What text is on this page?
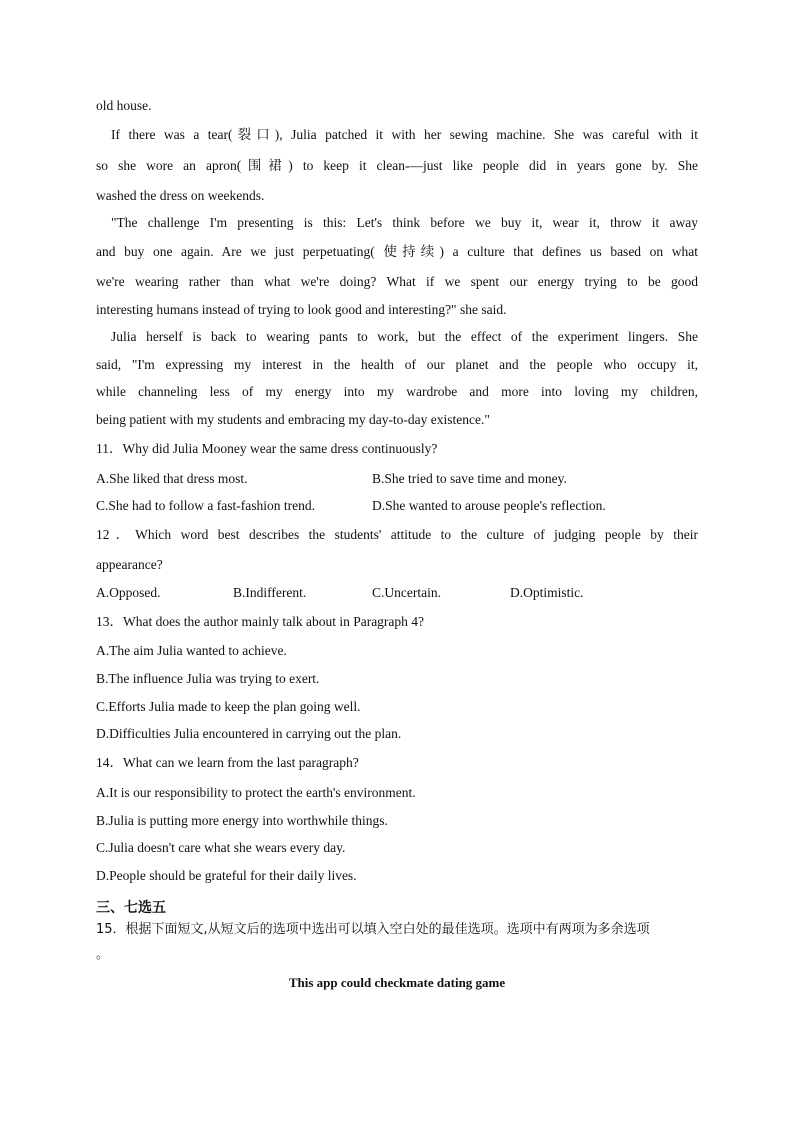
old house.
If there was a tear(裂口), Julia patched it with her sewing machine. She was careful with it
so she wore an apron(围裙) to keep it clean-—just like people did in years gone by. She
washed the dress on weekends.
"The challenge I'm presenting is this: Let's think before we buy it, wear it, throw it away
and buy one again. Are we just perpetuating( 使持续) a culture that defines us based on what
we're wearing rather than what we're doing? What if we spent our energy trying to be good
interesting humans instead of trying to look good and interesting?" she said.
Julia herself is back to wearing pants to work, but the effect of the experiment lingers. She
said, "I'm expressing my interest in the health of our planet and the people who occupy it,
while channeling less of my energy into my wardrobe and more into loving my children,
being patient with my students and embracing my day-to-day existence."
11．Why did Julia Mooney wear the same dress continuously?
A.She liked that dress most.	B.She tried to save time and money.
C.She had to follow a fast-fashion trend.	D.She wanted to arouse people's reflection.
12．Which word best describes the students' attitude to the culture of judging people by their
appearance?
A.Opposed.	B.Indifferent.	C.Uncertain.	D.Optimistic.
13．What does the author mainly talk about in Paragraph 4?
A.The aim Julia wanted to achieve.
B.The influence Julia was trying to exert.
C.Efforts Julia made to keep the plan going well.
D.Difficulties Julia encountered in carrying out the plan.
14．What can we learn from the last paragraph?
A.It is our responsibility to protect the earth's environment.
B.Julia is putting more energy into worthwhile things.
C.Julia doesn't care what she wears every day.
D.People should be grateful for their daily lives.
三、七选五
15．根据下面短文,从短文后的选项中选出可以填入空白处的最佳选项。选项中有两项为多余选项
。
This app could checkmate dating game
